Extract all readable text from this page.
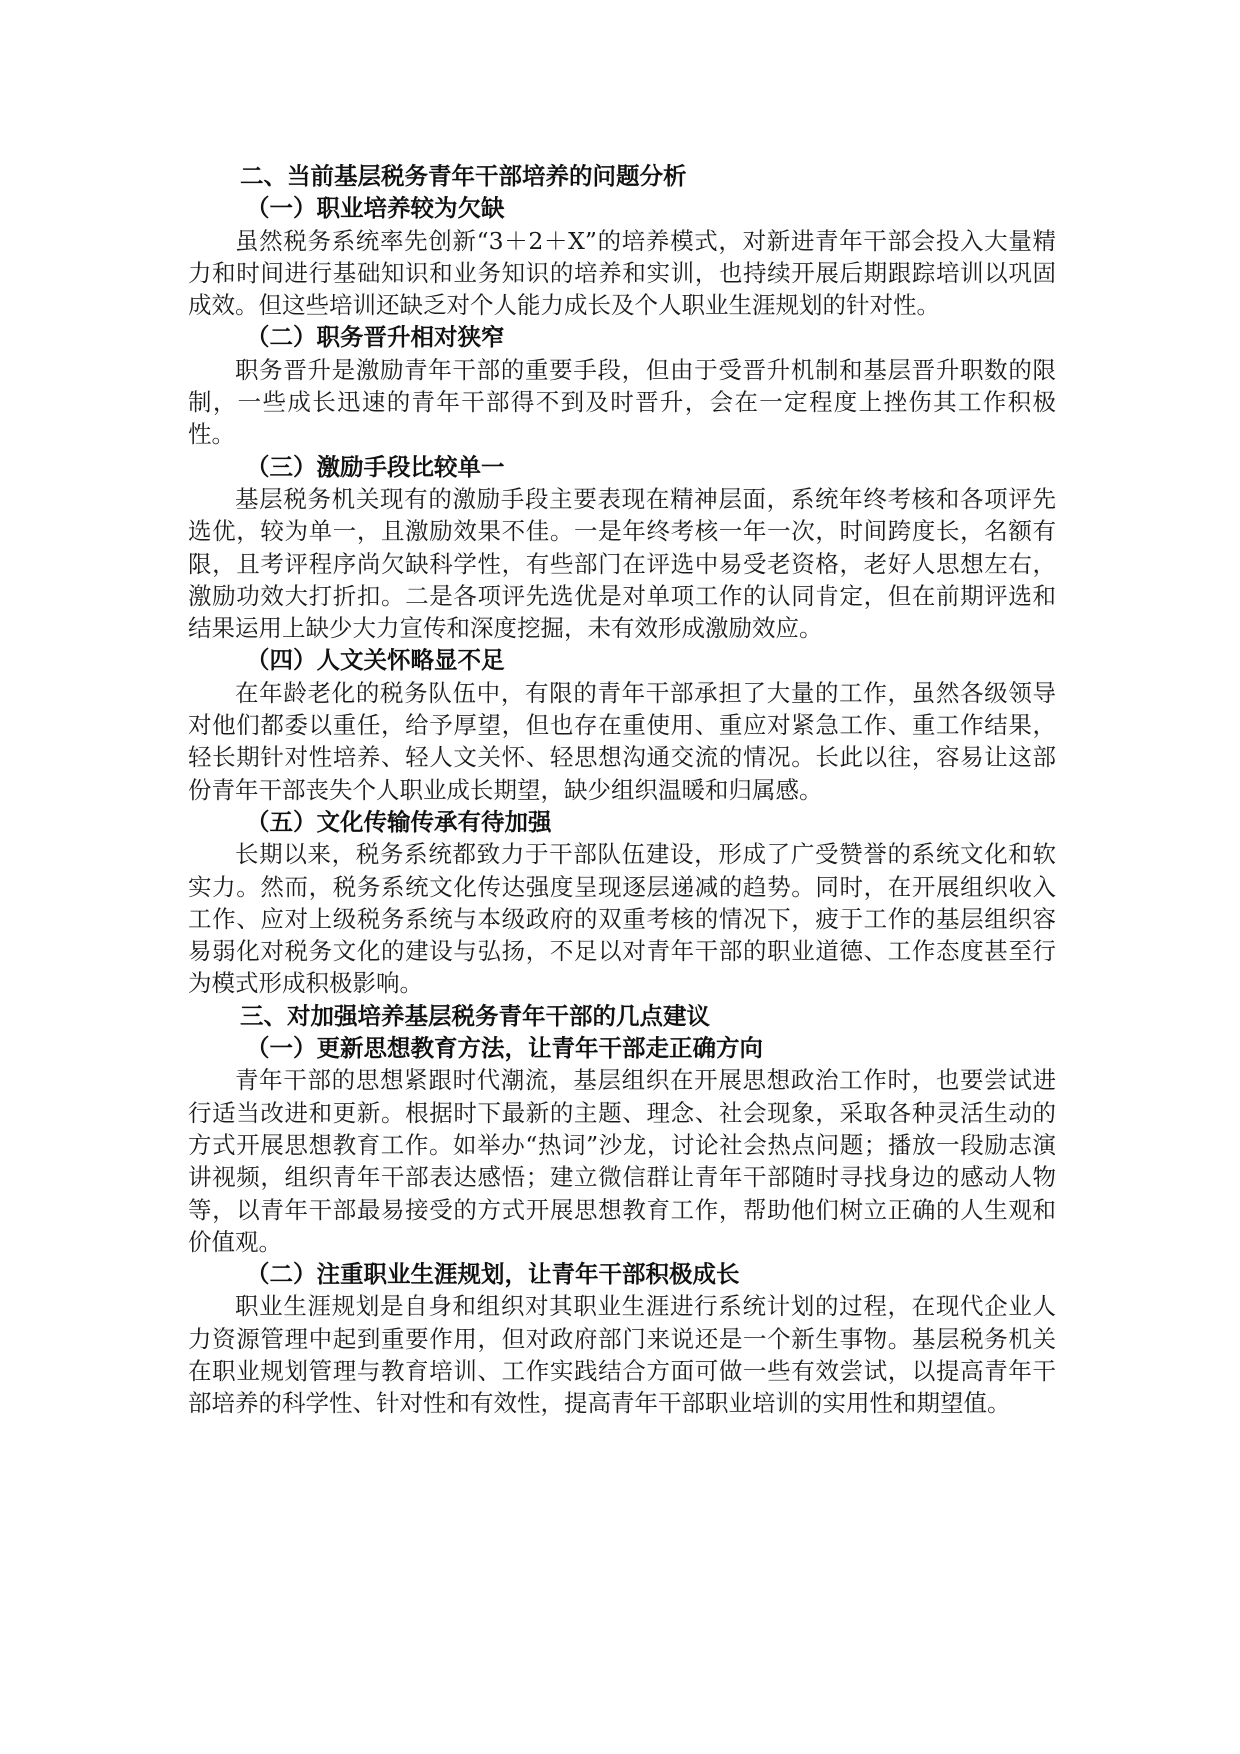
二、当前基层税务青年干部培养的问题分析
（一）职业培养较为欠缺

虽然税务系统率先创新“3＋2＋X”的培养模式，对新进青年干部会投入大量精力和时间进行基础知识和业务知识的培养和实训，也持续开展后期跟踪培训以巩固成效。但这些培训还缺乏对个人能力成长及个人职业生涯规划的针对性。

（二）职务晋升相对狭窄

职务晋升是激励青年干部的重要手段，但由于受晋升机制和基层晋升职数的限制，一些成长迅速的青年干部得不到及时晋升，会在一定程度上挫伤其工作积极性。

（三）激励手段比较单一

基层税务机关现有的激励手段主要表现在精神层面，系统年终考核和各项评先选优，较为单一，且激励效果不佳。一是年终考核一年一次，时间跨度长，名额有限，且考评程序尚欠缺科学性，有些部门在评选中易受老资格，老好人思想左右，激励功效大打折扣。二是各项评先选优是对单项工作的认同肯定，但在前期评选和结果运用上缺少大力宣传和深度挖掘，未有效形成激励效应。

（四）人文关怀略显不足

在年龄老化的税务队伍中，有限的青年干部承担了大量的工作，虽然各级领导对他们都委以重任，给予厚望，但也存在重使用、重应对紧急工作、重工作结果，轻长期针对性培养、轻人文关怀、轻思想沟通交流的情况。长此以往，容易让这部份青年干部丧失个人职业成长期望，缺少组织温暖和归属感。

（五）文化传输传承有待加强

长期以来，税务系统都致力于干部队伍建设，形成了广受赞誉的系统文化和软实力。然而，税务系统文化传达强度呈现逐层递减的趋势。同时，在开展组织收入工作、应对上级税务系统与本级政府的双重考核的情况下，疲于工作的基层组织容易弱化对税务文化的建设与弘扬，不足以对青年干部的职业道德、工作态度甚至行为模式形成积极影响。

三、对加强培养基层税务青年干部的几点建议
（一）更新思想教育方法，让青年干部走正确方向

青年干部的思想紧跟时代潮流，基层组织在开展思想政治工作时，也要尝试进行适当改进和更新。根据时下最新的主题、理念、社会现象，采取各种灵活生动的方式开展思想教育工作。如举办“热词”沙龙，讨论社会热点问题；播放一段励志演讲视频，组织青年干部表达感悟；建立微信群让青年干部随时寻找身边的感动人物等，以青年干部最易接受的方式开展思想教育工作，帮助他们树立正确的人生观和价值观。

（二）注重职业生涯规划，让青年干部积极成长

职业生涯规划是自身和组织对其职业生涯进行系统计划的过程，在现代企业人力资源管理中起到重要作用，但对政府部门来说还是一个新生事物。基层税务机关在职业规划管理与教育培训、工作实践结合方面可做一些有效尝试，以提高青年干部培养的科学性、针对性和有效性，提高青年干部职业培训的实用性和期望值。
